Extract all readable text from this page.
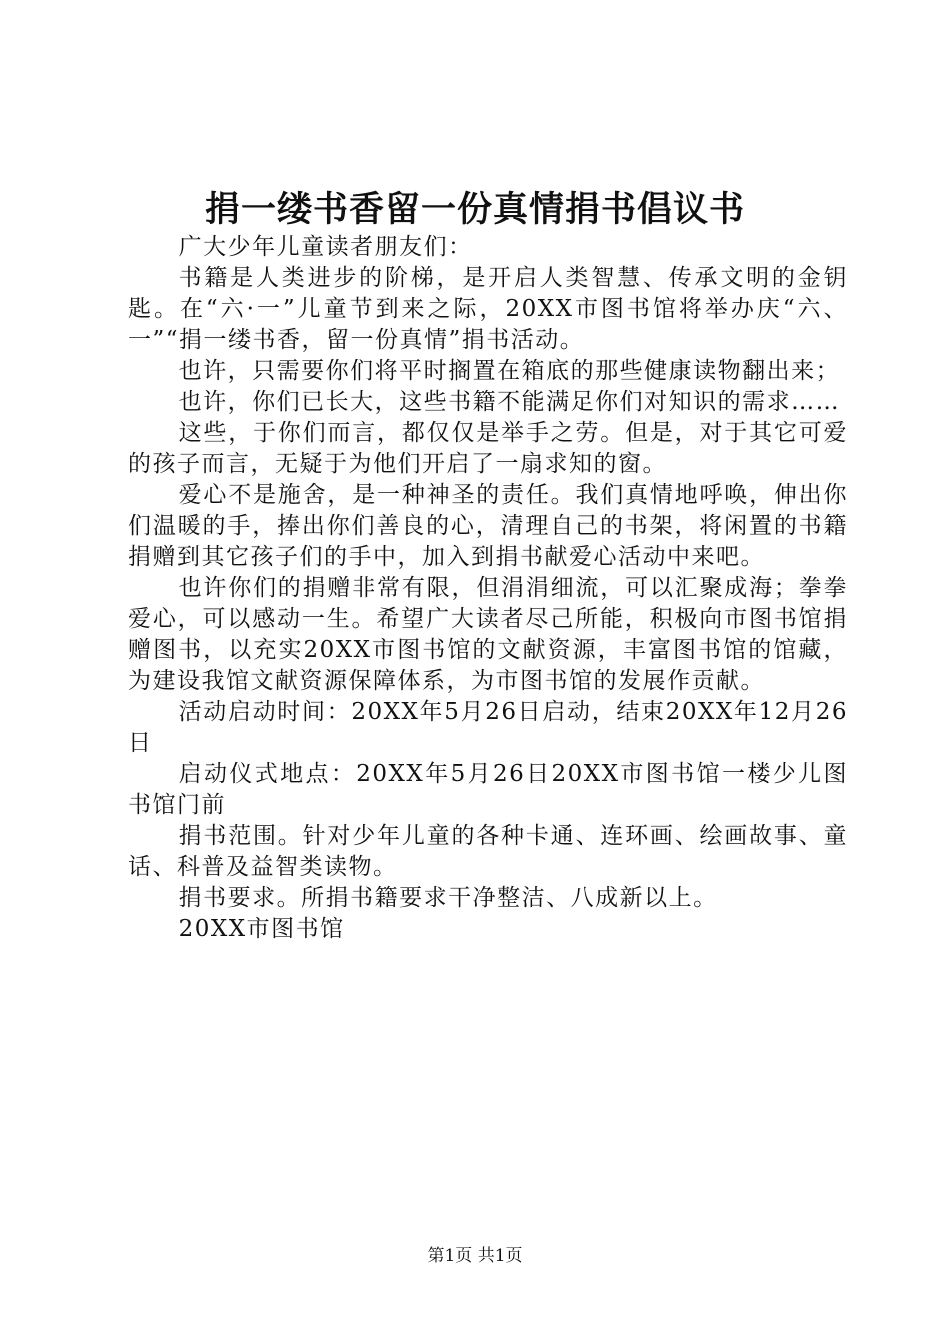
捐一缕书香留一份真情捐书倡议书

广大少年儿童读者朋友们：

书籍是人类进步的阶梯，是开启人类智慧、传承文明的金钥匙。在“六·一”儿童节到来之际，20XX市图书馆将举办庆“六、一”“捐一缕书香，留一份真情”捐书活动。

也许，只需要你们将平时搁置在箱底的那些健康读物翻出来；

也许，你们已长大，这些书籍不能满足你们对知识的需求……

这些，于你们而言，都仅仅是举手之劳。但是，对于其它可爱的孩子而言，无疑于为他们开启了一扇求知的窗。

爱心不是施舍，是一种神圣的责任。我们真情地呼唤，伸出你们温暖的手，捧出你们善良的心，清理自己的书架，将闲置的书籍捐赠到其它孩子们的手中，加入到捐书献爱心活动中来吧。

也许你们的捐赠非常有限，但涓涓细流，可以汇聚成海；拳拳爱心，可以感动一生。希望广大读者尽己所能，积极向市图书馆捐赠图书，以充实20XX市图书馆的文献资源，丰富图书馆的馆藏，为建设我馆文献资源保障体系，为市图书馆的发展作贡献。

活动启动时间：20XX年5月26日启动，结束20XX年12月26日

启动仪式地点：20XX年5月26日20XX市图书馆一楼少儿图书馆门前

捐书范围。针对少年儿童的各种卡通、连环画、绘画故事、童话、科普及益智类读物。

捐书要求。所捐书籍要求干净整洁、八成新以上。

20XX市图书馆

第1页 共1页
